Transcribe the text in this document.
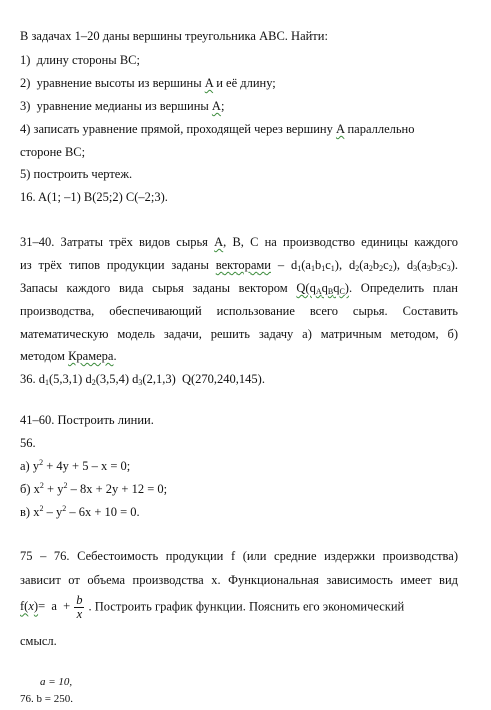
В задачах 1–20 даны вершины треугольника ABC. Найти:
1)  длину стороны BC;
2)  уравнение высоты из вершины A и её длину;
3)  уравнение медианы из вершины A;
4) записать уравнение прямой, проходящей через вершину A параллельно
стороне BC;
5) построить чертеж.
16. A(1; –1) B(25;2) C(–2;3).
31–40. Затраты трёх видов сырья A, B, C на производство единицы каждого
из трёх типов продукции заданы векторами – $d_1(a_1b_1c_1)$, $d_2(a_2b_2c_2)$, $d_3(a_3b_3c_3)$.
Запасы каждого вида сырья заданы вектором $Q(q_Aq_Bq_C)$. Определить план
производства, обеспечивающий использование всего сырья. Составить
математическую модель задачи, решить задачу а) матричным методом, б)
методом Крамера.
36. $d_1(5,3,1)$ $d_2(3,5,4)$ $d_3(2,1,3)$  Q(270,240,145).
41–60. Построить линии.
56.
а) $y^2 + 4y + 5 - x = 0$;
б) $x^2 + y^2 - 8x + 2y + 12 = 0$;
в) $x^2 - y^2 - 6x + 10 = 0$.
75 – 76. Себестоимость продукции f (или средние издержки производства)
зависит от объема производства x. Функциональная зависимость имеет вид
$f(x)= a + \frac{b}{x}$ . Построить график функции. Пояснить его экономический
смысл.
a = 10,
76. b = 250.
